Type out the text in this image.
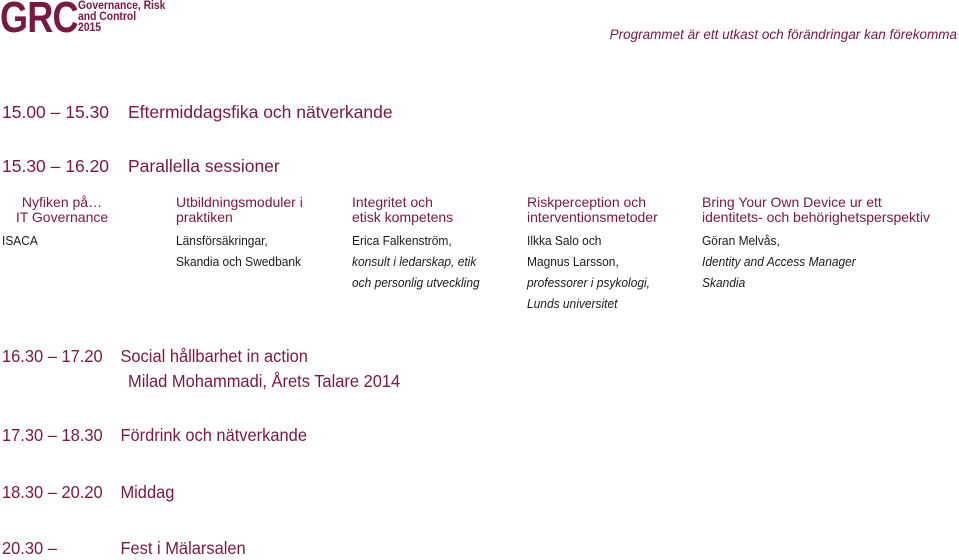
GRC Governance, Risk
and Control
2015	Programmet är ett utkast och förändringar kan förekomma
15.00 – 15.30 Eftermiddagsfika och nätverkande
15.30 – 16.20 Parallella sessioner
Nyfiken på…
IT Governance
ISACA
Utbildningsmoduler i
praktiken
Länsförsäkringar,
Skandia och Swedbank
Integritet och
etisk kompetens
Erica Falkenström,
konsult i ledarskap, etik
och personlig utveckling
Riskperception och
interventionsmetoder
Ilkka Salo och
Magnus Larsson,
professorer i psykologi,
Lunds universitet
Bring Your Own Device ur ett
identitets- och behörighetsperspektiv
Göran Melvås,
Identity and Access Manager
Skandia
16.30 – 17.20 Social hållbarhet in action
Milad Mohammadi, Årets Talare 2014
17.30 – 18.30 Fördrink och nätverkande
18.30 – 20.20 Middag
20.30 –	Fest i Mälarsalen
